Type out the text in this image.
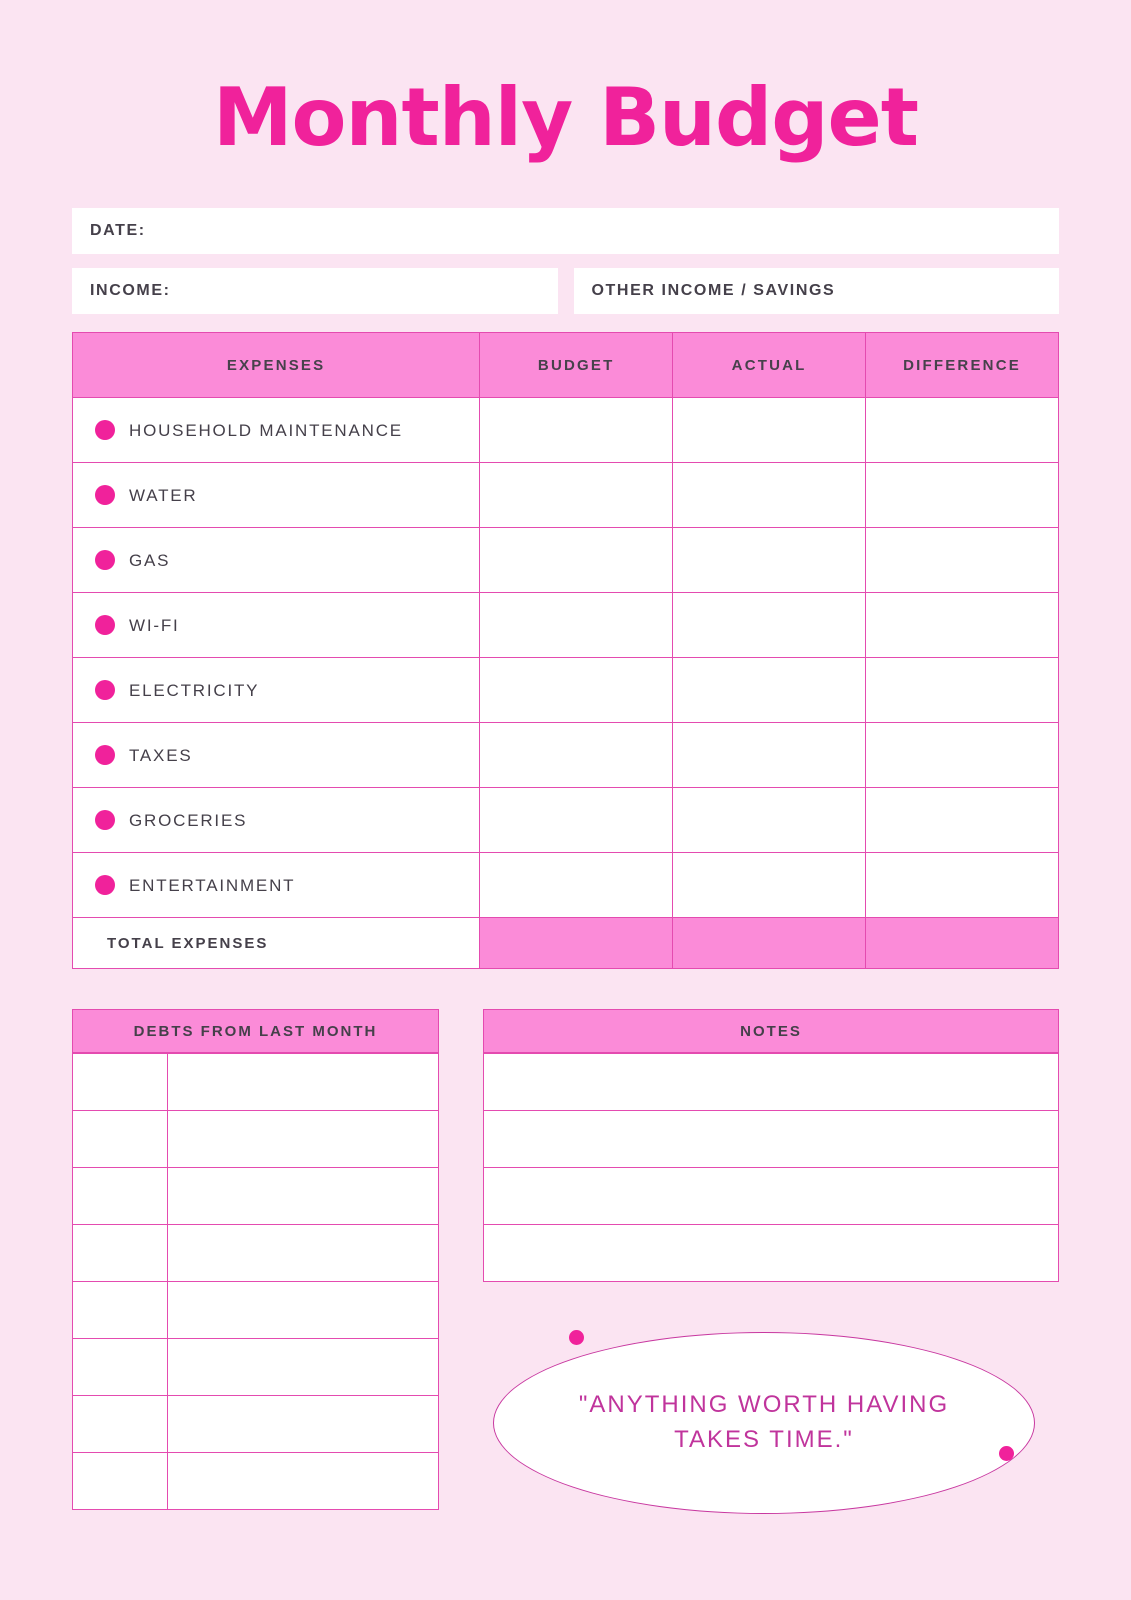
Monthly Budget
DATE:
INCOME:	OTHER INCOME / SAVINGS
EXPENSES	BUDGET	ACTUAL	DIFFERENCE
HOUSEHOLD MAINTENANCE			
WATER			
GAS			
WI-FI			
ELECTRICITY			
TAXES			
GROCERIES			
ENTERTAINMENT			
TOTAL EXPENSES			
DEBTS FROM LAST MONTH

		NOTES

"ANYTHING WORTH HAVING TAKES TIME."
